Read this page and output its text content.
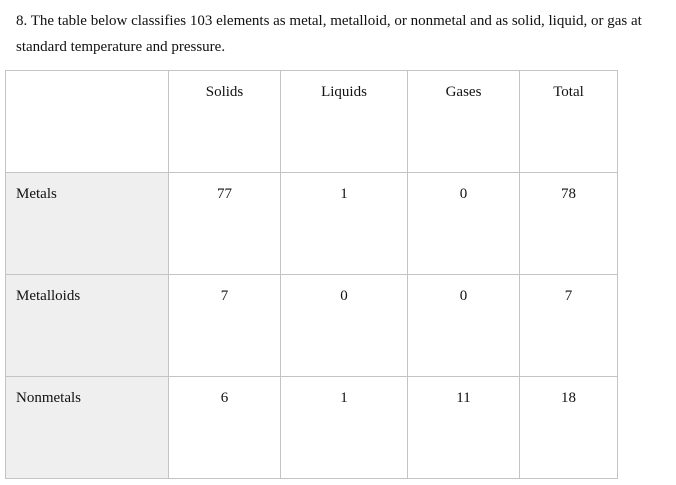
8. The table below classifies 103 elements as metal, metalloid, or nonmetal and as solid, liquid, or gas at
standard temperature and pressure.
	Solids	Liquids	Gases	Total
Metals	77	1	0	78
Metalloids	7	0	0	7
Nonmetals	6	1	11	18
